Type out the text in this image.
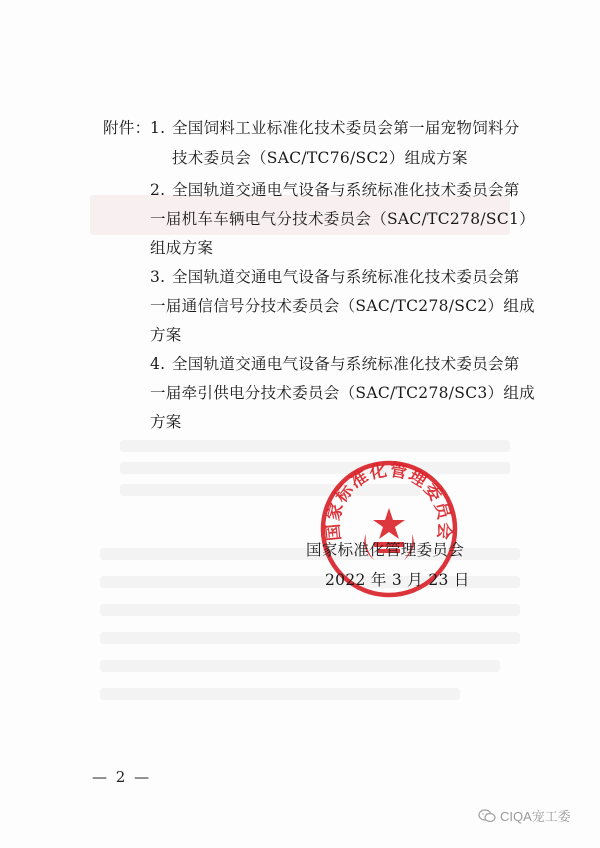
附件： 1. 全国饲料工业标准化技术委员会第一届宠物饲料分
技术委员会（SAC/TC76/SC2）组成方案
2. 全国轨道交通电气设备与系统标准化技术委员会第
一届机车车辆电气分技术委员会（SAC/TC278/SC1）
组成方案
3. 全国轨道交通电气设备与系统标准化技术委员会第
一届通信信号分技术委员会（SAC/TC278/SC2）组成
方案
4. 全国轨道交通电气设备与系统标准化技术委员会第
一届牵引供电分技术委员会（SAC/TC278/SC3）组成
方案
国家标准化管理委员会
国家标准化管理委员会
2022 年 3 月 23 日
— 2 —
CIQA宠工委
